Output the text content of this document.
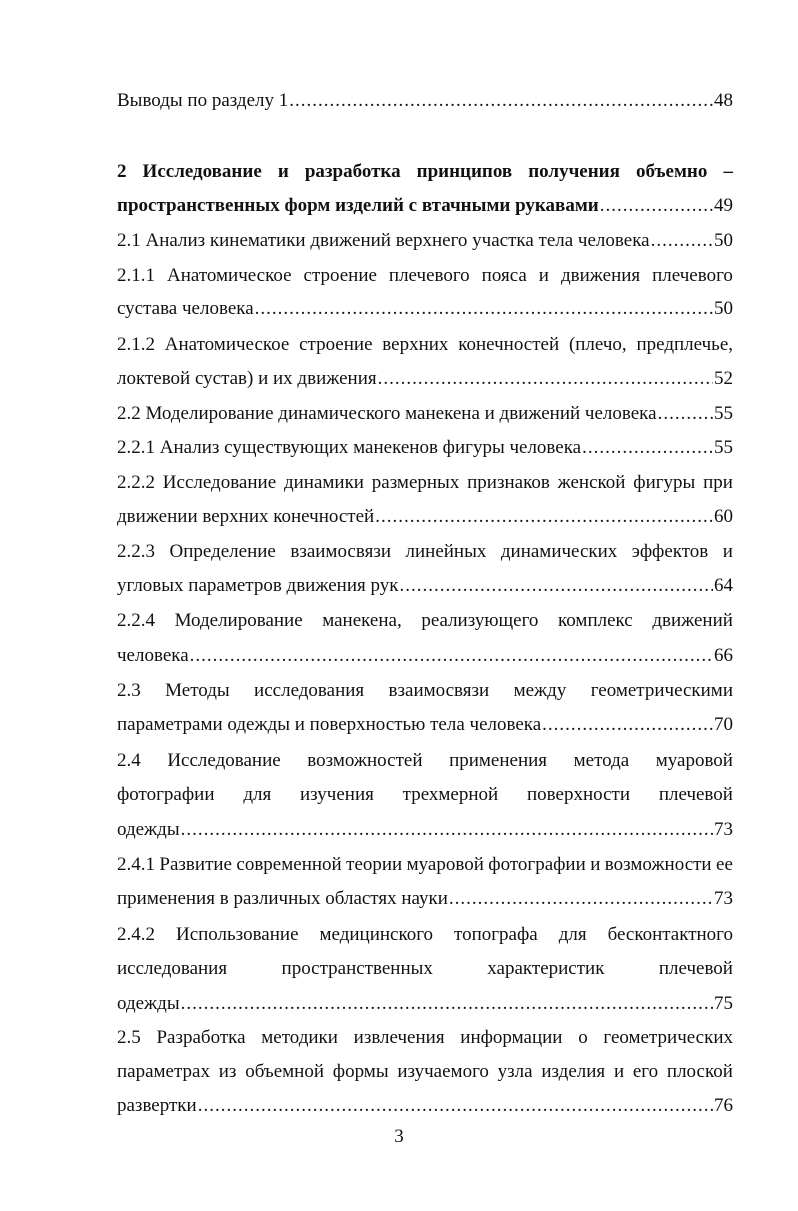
Выводы по разделу 1 .....	48
2 Исследование и разработка принципов получения объемно –
пространственных форм изделий с втачными рукавами .....	49
2.1 Анализ кинематики движений верхнего участка тела человека .....	50
2.1.1 Анатомическое строение плечевого пояса и движения плечевого
сустава человека .....	50
2.1.2 Анатомическое строение верхних конечностей (плечо, предплечье,
локтевой сустав) и их движения .....	52
2.2 Моделирование динамического манекена и движений человека .....	55
2.2.1 Анализ существующих манекенов фигуры человека .....	55
2.2.2 Исследование динамики размерных признаков женской фигуры при
движении верхних конечностей .....	60
2.2.3 Определение взаимосвязи линейных динамических эффектов и
угловых параметров движения рук .....	64
2.2.4 Моделирование манекена, реализующего комплекс движений
человека .....	66
2.3 Методы исследования взаимосвязи между геометрическими
параметрами одежды и поверхностью тела человека .....	70
2.4 Исследование возможностей применения метода муаровой
фотографии для изучения трехмерной поверхности плечевой
одежды .....	73
2.4.1 Развитие современной теории муаровой фотографии и возможности ее
применения в различных областях науки .....	73
2.4.2 Использование медицинского топографа для бесконтактного
исследования	пространственных	характеристик	плечевой
одежды .....	75
2.5 Разработка методики извлечения информации о геометрических
параметрах из объемной формы изучаемого узла изделия и его плоской
развертки .....	76
3
